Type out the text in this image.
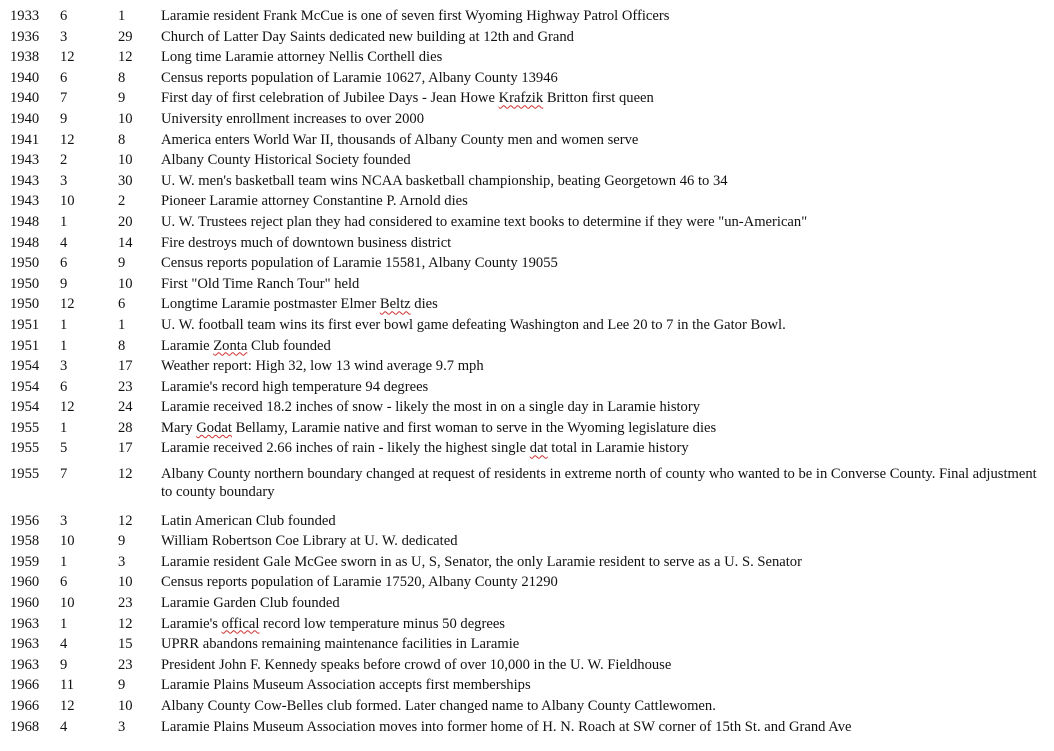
1933	6	1	Laramie resident Frank McCue is one of seven first Wyoming Highway Patrol Officers
1936	3	29	Church of Latter Day Saints dedicated new building at 12th and Grand
1938	12	12	Long time Laramie attorney Nellis Corthell dies
1940	6	8	Census reports population of Laramie 10627, Albany County 13946
1940	7	9	First day of first celebration of Jubilee Days - Jean Howe Krafzik Britton first queen
1940	9	10	University enrollment increases to over 2000
1941	12	8	America enters World War II, thousands of Albany County men and women serve
1943	2	10	Albany County Historical Society founded
1943	3	30	U. W. men's basketball team wins NCAA basketball championship, beating Georgetown 46 to 34
1943	10	2	Pioneer Laramie attorney Constantine P. Arnold dies
1948	1	20	U. W. Trustees reject plan they had considered to examine text books to determine if they were "un-American"
1948	4	14	Fire destroys much of downtown business district
1950	6	9	Census reports population of Laramie 15581, Albany County 19055
1950	9	10	First "Old Time Ranch Tour" held
1950	12	6	Longtime Laramie postmaster Elmer Beltz dies
1951	1	1	U. W. football team wins its first ever bowl game defeating Washington and Lee 20 to 7 in the Gator Bowl.
1951	1	8	Laramie Zonta Club founded
1954	3	17	Weather report: High 32, low 13 wind average 9.7 mph
1954	6	23	Laramie's record high temperature 94 degrees
1954	12	24	Laramie received 18.2 inches of snow - likely the most in on a single day in Laramie history
1955	1	28	Mary Godat Bellamy, Laramie native and first woman to serve in the Wyoming legislature dies
1955	5	17	Laramie received 2.66 inches of rain - likely the highest single dat total in Laramie history
1955	7	12	Albany County northern boundary changed at request of residents in extreme north of county who wanted to be in Converse County. Final adjustment to county boundary
1956	3	12	Latin American Club founded
1958	10	9	William Robertson Coe Library at U. W. dedicated
1959	1	3	Laramie resident Gale McGee sworn in as U, S, Senator, the only Laramie resident to serve as a U. S. Senator
1960	6	10	Census reports population of Laramie 17520, Albany County 21290
1960	10	23	Laramie Garden Club founded
1963	1	12	Laramie's offical record low temperature minus 50 degrees
1963	4	15	UPRR abandons remaining maintenance facilities in Laramie
1963	9	23	President John F. Kennedy speaks before crowd of over 10,000 in the U. W. Fieldhouse
1966	11	9	Laramie Plains Museum Association accepts first memberships
1966	12	10	Albany County Cow-Belles club formed. Later changed name to Albany County Cattlewomen.
1968	4	3	Laramie Plains Museum Association moves into former home of H. N. Roach at SW corner of 15th St. and Grand Ave
